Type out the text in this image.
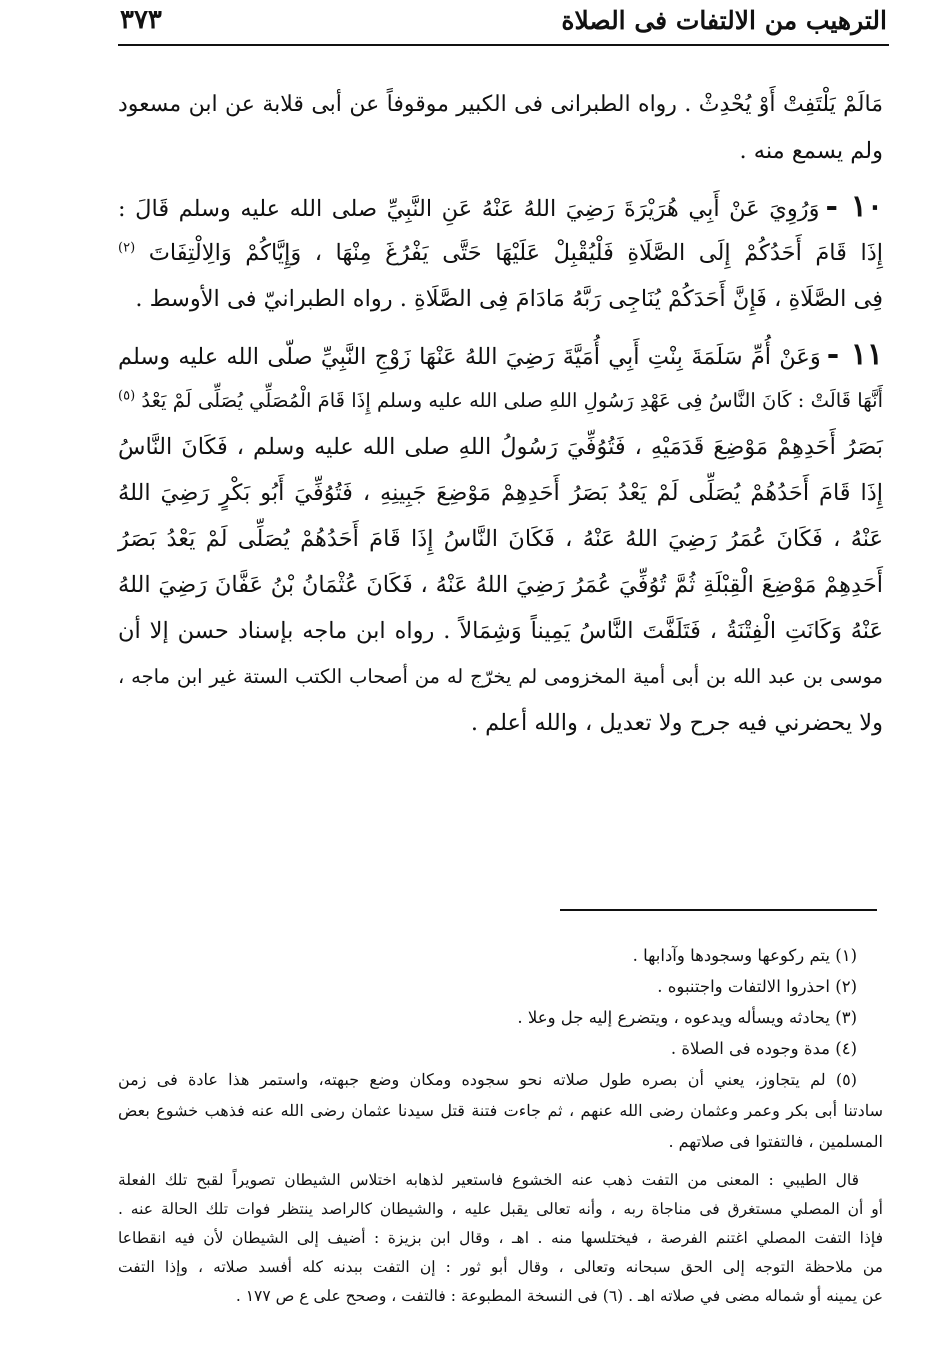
الترهيب من الالتفات فى الصلاة
٣٧٣
مَالَمْ يَلْتَفِتْ أَوْ يُحْدِثْ . رواه الطبرانى فى الكبير موقوفاً عن أبى قلابة عن ابن مسعود
ولم يسمع منه .
١٠ -وَرُوِيَ عَنْ أَبِي هُرَيْرَةَ رَضِيَ اللهُ عَنْهُ عَنِ النَّبِيِّ صلى الله عليه وسلم قَالَ :
إِذَا قَامَ أَحَدُكُمْ إِلَى الصَّلَاةِ فَلْيُقْبِلْ عَلَيْهَا حَتَّى يَفْرُغَ مِنْهَا ، وَإِيَّاكُمْ وَالِالْتِفَاتَ $^{(٢)}$
فِى الصَّلَاةِ ، فَإِنَّ أَحَدَكُمْ يُنَاجِى رَبَّهُ مَادَامَ فِى الصَّلَاةِ . رواه الطبرانيّ فى الأوسط .
١١ -وَعَنْ أُمِّ سَلَمَةَ بِنْتِ أَبِي أُمَيَّةَ رَضِيَ اللهُ عَنْهَا زَوْجِ النَّبِيِّ صلّى الله عليه وسلم
أَنَّهَا قَالَتْ : كَانَ النَّاسُ فِى عَهْدِ رَسُولِ اللهِ صلى الله عليه وسلم إِذَا قَامَ الْمُصَلِّي يُصَلِّى لَمْ يَعْدُ $^{(٥)}$
بَصَرُ أَحَدِهِمْ مَوْضِعَ قَدَمَيْهِ ، فَتُوُفِّيَ رَسُولُ اللهِ صلى الله عليه وسلم ، فَكَانَ النَّاسُ
إِذَا قَامَ أَحَدُهُمْ يُصَلِّى لَمْ يَعْدُ بَصَرُ أَحَدِهِمْ مَوْضِعَ جَبِينِهِ ، فَتُوُفِّيَ أَبُو بَكْرٍ رَضِيَ اللهُ
عَنْهُ ، فَكَانَ عُمَرُ رَضِيَ اللهُ عَنْهُ ، فَكَانَ النَّاسُ إِذَا قَامَ أَحَدُهُمْ يُصَلِّى لَمْ يَعْدُ بَصَرُ
أَحَدِهِمْ مَوْضِعَ الْقِبْلَةِ ثُمَّ تُوُفِّيَ عُمَرُ رَضِيَ اللهُ عَنْهُ ، فَكَانَ عُثْمَانُ بْنُ عَفَّانَ رَضِيَ اللهُ
عَنْهُ وَكَانَتِ الْفِتْنَةُ ، فَتَلَفَّتَ النَّاسُ يَمِيناً وَشِمَالاً . رواه ابن ماجه بإسناد حسن إلا أن
موسى بن عبد الله بن أبى أمية المخزومى لم يخرّج له من أصحاب الكتب الستة غير ابن ماجه ،
ولا يحضرني فيه جرح ولا تعديل ، والله أعلم .
(١) يتم ركوعها وسجودها وآدابها .
(٢) احذروا الالتفات واجتنبوه .
(٣) يحادثه ويسأله ويدعوه ، ويتضرع إليه جل وعلا .
(٤) مدة وجوده فى الصلاة .
(٥) لم يتجاوز، يعني أن بصره طول صلاته نحو سجوده ومكان وضع جبهته، واستمر هذا عادة فى زمن
سادتنا أبى بكر وعمر وعثمان رضى الله عنهم ، ثم جاءت فتنة قتل سيدنا عثمان رضى الله عنه فذهب خشوع بعض
المسلمين ، فالتفتوا فى صلاتهم .
قال الطيبي : المعنى من التفت ذهب عنه الخشوع فاستعير لذهابه اختلاس الشيطان تصويراً لقبح تلك الفعلة
أو أن المصلي مستغرق فى مناجاة ربه ، وأنه تعالى يقبل عليه ، والشيطان كالراصد ينتظر فوات تلك الحالة عنه .
فإذا التفت المصلي اغتنم الفرصة ، فيختلسها منه . اهـ ، وقال ابن بزيزة : أضيف إلى الشيطان لأن فيه انقطاعا
من ملاحظة التوجه إلى الحق سبحانه وتعالى ، وقال أبو ثور : إن التفت ببدنه كله أفسد صلاته ، وإذا التفت
عن يمينه أو شماله مضى في صلاته اهـ . (٦) فى النسخة المطبوعة : فالتفت ، وصحح على ع ص ١٧٧ .
